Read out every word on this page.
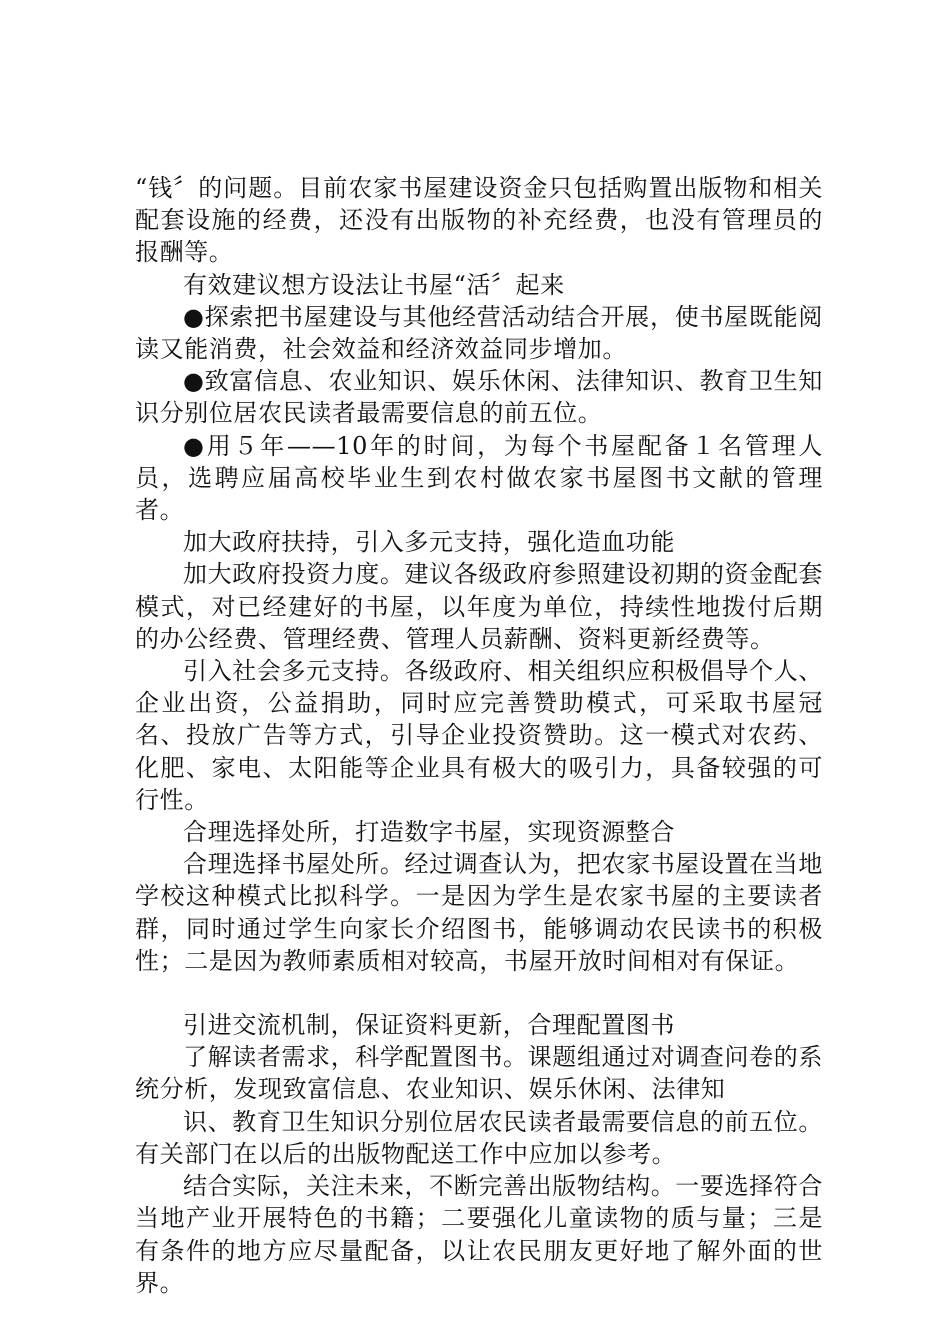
“钱〞的问题。目前农家书屋建设资金只包括购置出版物和相关配套设施的经费，还没有出版物的补充经费，也没有管理员的报酬等。

有效建议想方设法让书屋“活〞起来

●探索把书屋建设与其他经营活动结合开展，使书屋既能阅读又能消费，社会效益和经济效益同步增加。

●致富信息、农业知识、娱乐休闲、法律知识、教育卫生知识分别位居农民读者最需要信息的前五位。

●用５年——10年的时间，为每个书屋配备１名管理人员，选聘应届高校毕业生到农村做农家书屋图书文献的管理者。

加大政府扶持，引入多元支持，强化造血功能

加大政府投资力度。建议各级政府参照建设初期的资金配套模式，对已经建好的书屋，以年度为单位，持续性地拨付后期的办公经费、管理经费、管理人员薪酬、资料更新经费等。

引入社会多元支持。各级政府、相关组织应积极倡导个人、企业出资，公益捐助，同时应完善赞助模式，可采取书屋冠名、投放广告等方式，引导企业投资赞助。这一模式对农药、化肥、家电、太阳能等企业具有极大的吸引力，具备较强的可行性。

合理选择处所，打造数字书屋，实现资源整合

合理选择书屋处所。经过调查认为，把农家书屋设置在当地学校这种模式比拟科学。一是因为学生是农家书屋的主要读者群，同时通过学生向家长介绍图书，能够调动农民读书的积极性；二是因为教师素质相对较高，书屋开放时间相对有保证。

引进交流机制，保证资料更新，合理配置图书

了解读者需求，科学配置图书。课题组通过对调查问卷的系统分析，发现致富信息、农业知识、娱乐休闲、法律知

识、教育卫生知识分别位居农民读者最需要信息的前五位。有关部门在以后的出版物配送工作中应加以参考。

结合实际，关注未来，不断完善出版物结构。一要选择符合当地产业开展特色的书籍；二要强化儿童读物的质与量；三是有条件的地方应尽量配备，以让农民朋友更好地了解外面的世界。
